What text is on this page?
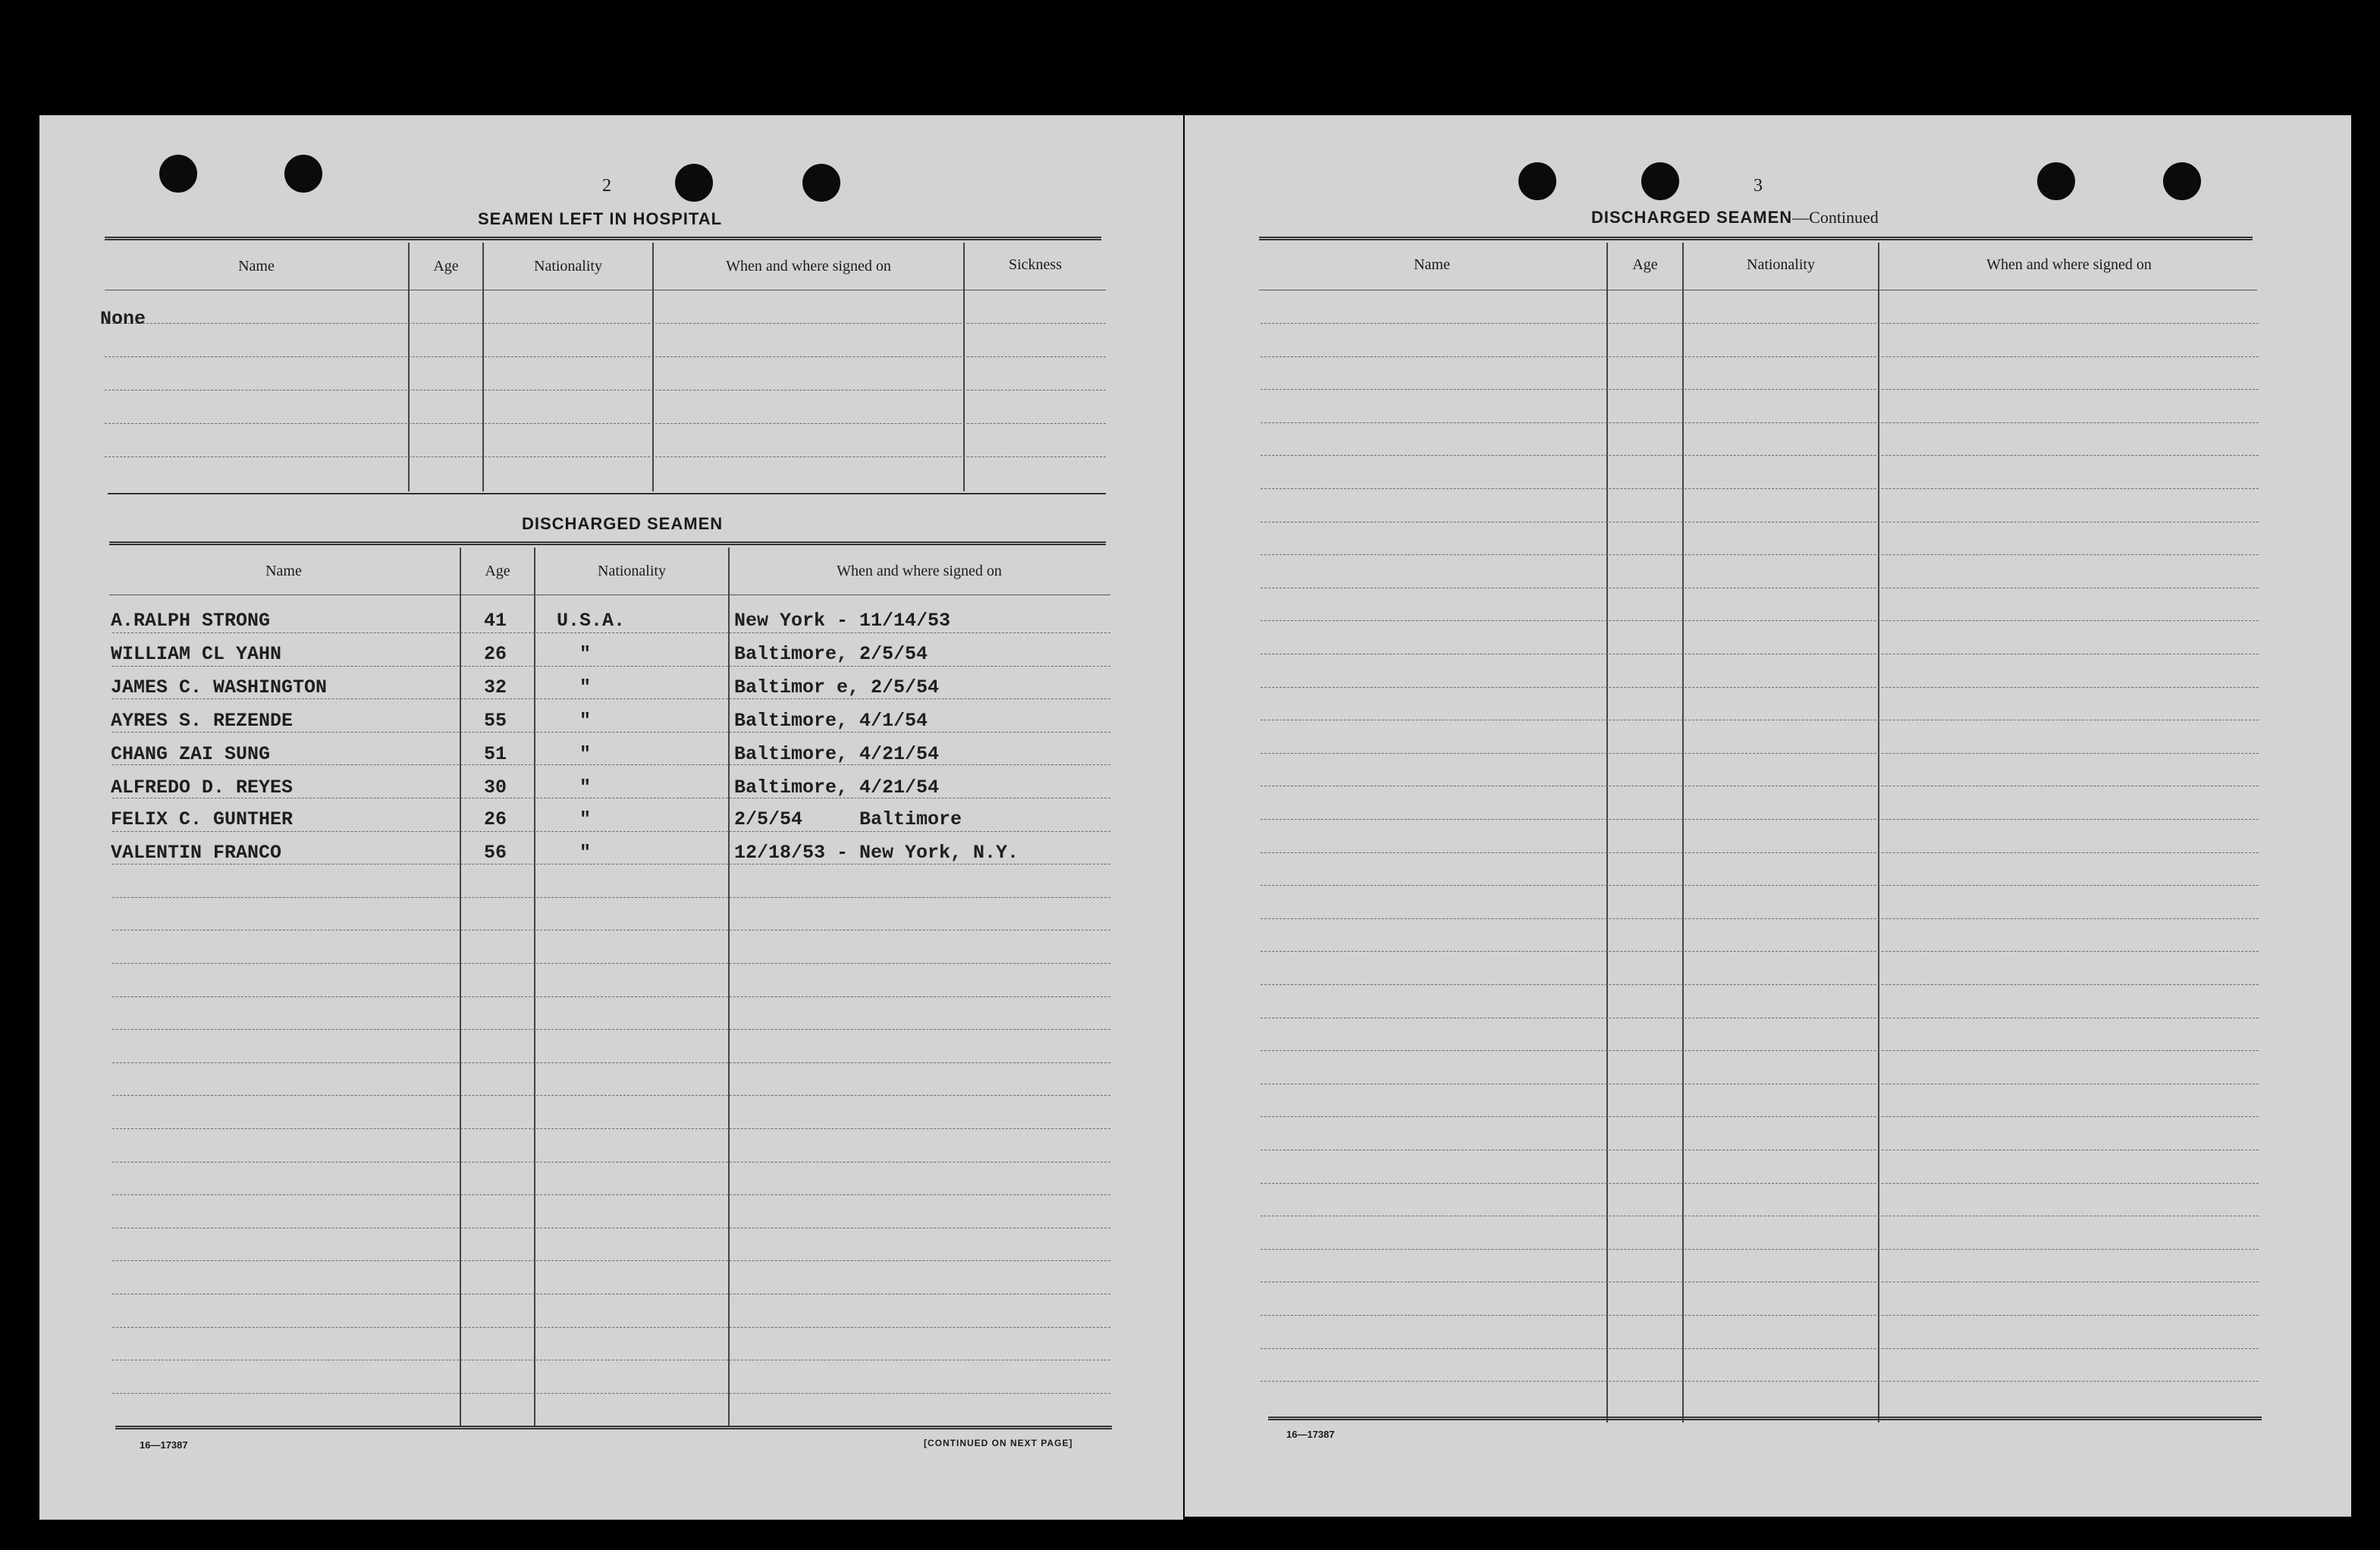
2
SEAMEN LEFT IN HOSPITAL
Name	Age	Nationality	When and where signed on	Sickness
None
DISCHARGED SEAMEN
Name	Age	Nationality	When and where signed on
A.RALPH STRONG	41	U.S.A.	New York - 11/14/53
WILLIAM CL YAHN	26	"	Baltimore, 2/5/54
JAMES C. WASHINGTON	32	"	Baltimor e, 2/5/54
AYRES S. REZENDE	55	"	Baltimore, 4/1/54
CHANG ZAI SUNG	51	"	Baltimore, 4/21/54
ALFREDO D. REYES	30	"	Baltimore, 4/21/54
FELIX C. GUNTHER	26	"	2/5/54     Baltimore
VALENTIN FRANCO	56	"	12/18/53 - New York, N.Y.
16—17387	[CONTINUED ON NEXT PAGE]
3
DISCHARGED SEAMEN—Continued
Name	Age	Nationality	When and where signed on
16—17387
